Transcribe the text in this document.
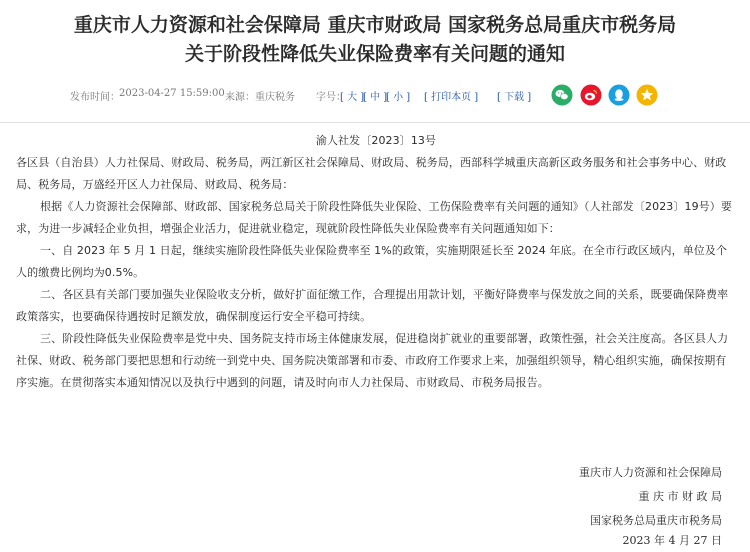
重庆市人力资源和社会保障局 重庆市财政局 国家税务总局重庆市税务局
关于阶段性降低失业保险费率有关问题的通知
发布时间： 2023-04-27 15:59:00 来源： 重庆税务 字号：
[ 大 ]
[ 中 ]
[ 小 ] [ 打印本页 ] [ 下载 ]
渝人社发〔2023〕13号
各区县（自治县）人力社保局、财政局、税务局，两江新区社会保障局、财政局、税务局，西部科学城重庆高新区政务服务和社会事务中心、财政局、税务局，万盛经开区人力社保局、财政局、税务局：
根据《人力资源社会保障部、财政部、国家税务总局关于阶段性降低失业保险、工伤保险费率有关问题的通知》（人社部发〔2023〕19号）要求，为进一步减轻企业负担，增强企业活力，促进就业稳定，现就阶段性降低失业保险费率有关问题通知如下：
一、自 2023 年 5 月 1 日起，继续实施阶段性降低失业保险费率至 1%的政策，实施期限延长至 2024 年底。在全市行政区域内，单位及个人的缴费比例均为0.5%。
二、各区县有关部门要加强失业保险收支分析，做好扩面征缴工作，合理提出用款计划，平衡好降费率与保发放之间的关系，既要确保降费率政策落实，也要确保待遇按时足额发放，确保制度运行安全平稳可持续。
三、阶段性降低失业保险费率是党中央、国务院支持市场主体健康发展，促进稳岗扩就业的重要部署，政策性强，社会关注度高。各区县人力社保、财政、税务部门要把思想和行动统一到党中央、国务院决策部署和市委、市政府工作要求上来，加强组织领导，精心组织实施，确保按期有序实施。在贯彻落实本通知情况以及执行中遇到的问题，请及时向市人力社保局、市财政局、市税务局报告。
重庆市人力资源和社会保障局
重 庆 市 财 政 局
国家税务总局重庆市税务局
2023 年 4 月 27 日
